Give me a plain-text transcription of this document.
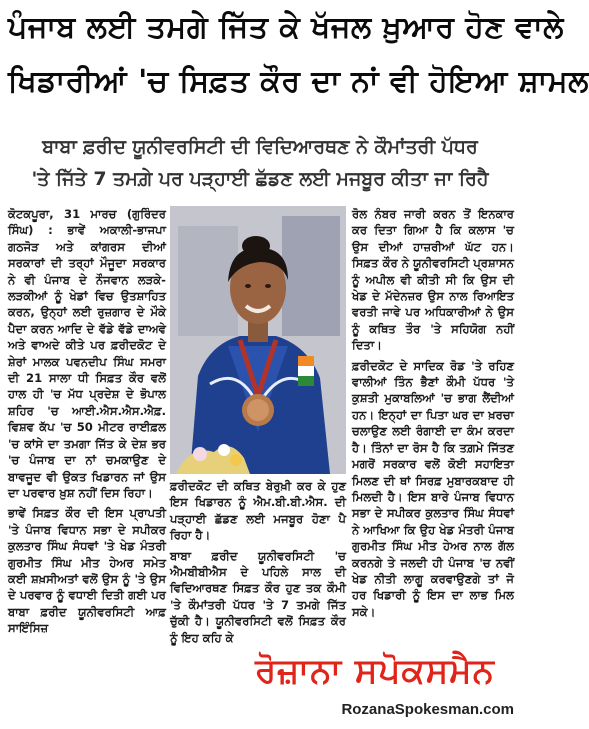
ਪੰਜਾਬ ਲਈ ਤਮਗੇ ਜਿੱਤ ਕੇ ਖੱਜਲ ਖ਼ੁਆਰ ਹੋਣ ਵਾਲੇ
ਖਿਡਾਰੀਆਂ 'ਚ ਸਿਫ਼ਤ ਕੌਰ ਦਾ ਨਾਂ ਵੀ ਹੋਇਆ ਸ਼ਾਮਲ
ਬਾਬਾ ਫ਼ਰੀਦ ਯੂਨੀਵਰਸਿਟੀ ਦੀ ਵਿਦਿਆਰਥਣ ਨੇ ਕੌਮਾਂਤਰੀ ਪੱਧਰ
'ਤੇ ਜਿੱਤੇ 7 ਤਮਗ਼ੇ ਪਰ ਪੜ੍ਹਾਈ ਛੱਡਣ ਲਈ ਮਜਬੂਰ ਕੀਤਾ ਜਾ ਰਿਹੈ

ਕੋਟਕਪੂਰਾ, 31 ਮਾਰਚ (ਗੁਰਿੰਦਰ ਸਿੰਘ) : ਭਾਵੇਂ ਅਕਾਲੀ-ਭਾਜਪਾ ਗਠਜੋੜ ਅਤੇ ਕਾਂਗਰਸ ਦੀਆਂ ਸਰਕਾਰਾਂ ਦੀ ਤਰ੍ਹਾਂ ਮੌਜੂਦਾ ਸਰਕਾਰ ਨੇ ਵੀ ਪੰਜਾਬ ਦੇ ਨੌਜਵਾਨ ਲੜਕੇ-ਲੜਕੀਆਂ ਨੂੰ ਖੇਡਾਂ ਵਿਚ ਉਤਸ਼ਾਹਿਤ ਕਰਨ, ਉਨ੍ਹਾਂ ਲਈ ਰੁਜ਼ਗਾਰ ਦੇ ਮੌਕੇ ਪੈਦਾ ਕਰਨ ਆਦਿ ਦੇ ਵੱਡੇ ਵੱਡੇ ਦਾਅਵੇ ਅਤੇ ਵਾਅਦੇ ਕੀਤੇ ਪਰ ਫ਼ਰੀਦਕੋਟ ਦੇ ਸ਼ੇਰਾਂ ਮਾਲਕ ਪਵਨਦੀਪ ਸਿੰਘ ਸਮਰਾ ਦੀ 21 ਸਾਲਾ ਧੀ ਸਿਫ਼ਤ ਕੌਰ ਵਲੋਂ ਹਾਲ ਹੀ 'ਚ ਮੱਧ ਪ੍ਰਦੇਸ਼ ਦੇ ਭੋਪਾਲ ਸ਼ਹਿਰ 'ਚ ਆਈ.ਐਸ.ਐਸ.ਐਫ਼. ਵਿਸ਼ਵ ਕੱਪ 'ਚ 50 ਮੀਟਰ ਰਾਈਫ਼ਲ 'ਚ ਕਾਂਸੇ ਦਾ ਤਮਗਾ ਜਿੱਤ ਕੇ ਦੇਸ਼ ਭਰ 'ਚ ਪੰਜਾਬ ਦਾ ਨਾਂ ਚਮਕਾਉਣ ਦੇ ਬਾਵਜੂਦ ਵੀ ਉਕਤ ਖਿਡਾਰਨ ਜਾਂ ਉਸ ਦਾ ਪਰਵਾਰ ਖ਼ੁਸ਼ ਨਹੀਂ ਦਿਸ ਰਿਹਾ।

ਭਾਵੇਂ ਸਿਫ਼ਤ ਕੌਰ ਦੀ ਇਸ ਪ੍ਰਾਪਤੀ 'ਤੇ ਪੰਜਾਬ ਵਿਧਾਨ ਸਭਾ ਦੇ ਸਪੀਕਰ ਕੁਲਤਾਰ ਸਿੰਘ ਸੰਧਵਾਂ 'ਤੇ ਖੇਡ ਮੰਤਰੀ ਗੁਰਮੀਤ ਸਿੰਘ ਮੀਤ ਹੇਅਰ ਸਮੇਤ ਕਈ ਸ਼ਖ਼ਸੀਅਤਾਂ ਵਲੋਂ ਉਸ ਨੂੰ 'ਤੇ ਉਸ ਦੇ ਪਰਵਾਰ ਨੂੰ ਵਧਾਈ ਦਿਤੀ ਗਈ ਪਰ ਬਾਬਾ ਫ਼ਰੀਦ ਯੂਨੀਵਰਸਿਟੀ ਆਫ਼ ਸਾਇੰਸਿਜ਼

ਫ਼ਰੀਦਕੋਟ ਦੀ ਕਥਿਤ ਬੇਰੁਖ਼ੀ ਕਰ ਕੇ ਹੁਣ ਇਸ ਖਿਡਾਰਨ ਨੂੰ ਐਮ.ਬੀ.ਬੀ.ਐਸ. ਦੀ ਪੜ੍ਹਾਈ ਛੱਡਣ ਲਈ ਮਜਬੂਰ ਹੋਣਾ ਪੈ ਰਿਹਾ ਹੈ।

ਬਾਬਾ ਫ਼ਰੀਦ ਯੂਨੀਵਰਸਿਟੀ 'ਚ ਐਮਬੀਬੀਐਸ ਦੇ ਪਹਿਲੇ ਸਾਲ ਦੀ ਵਿਦਿਆਰਥਣ ਸਿਫ਼ਤ ਕੌਰ ਹੁਣ ਤਕ ਕੌਮੀ 'ਤੇ ਕੌਮਾਂਤਰੀ ਪੱਧਰ 'ਤੇ 7 ਤਮਗੇ ਜਿੱਤ ਚੁੱਕੀ ਹੈ। ਯੂਨੀਵਰਸਿਟੀ ਵਲੋਂ ਸਿਫ਼ਤ ਕੌਰ ਨੂੰ ਇਹ ਕਹਿ ਕੇ

ਰੋਲ ਨੰਬਰ ਜਾਰੀ ਕਰਨ ਤੋਂ ਇਨਕਾਰ ਕਰ ਦਿਤਾ ਗਿਆ ਹੈ ਕਿ ਕਲਾਸ 'ਚ ਉਸ ਦੀਆਂ ਹਾਜ਼ਰੀਆਂ ਘੱਟ ਹਨ। ਸਿਫ਼ਤ ਕੌਰ ਨੇ ਯੂਨੀਵਰਸਿਟੀ ਪ੍ਰਸ਼ਾਸਨ ਨੂੰ ਅਪੀਲ ਵੀ ਕੀਤੀ ਸੀ ਕਿ ਉਸ ਦੀ ਖੇਡ ਦੇ ਮੱਦੇਨਜ਼ਰ ਉਸ ਨਾਲ ਰਿਆਇਤ ਵਰਤੀ ਜਾਵੇ ਪਰ ਅਧਿਕਾਰੀਆਂ ਨੇ ਉਸ ਨੂੰ ਕਥਿਤ ਤੌਰ 'ਤੇ ਸਹਿਯੋਗ ਨਹੀਂ ਦਿਤਾ।

ਫ਼ਰੀਦਕੋਟ ਦੇ ਸਾਦਿਕ ਰੋਡ 'ਤੇ ਰਹਿਣ ਵਾਲੀਆਂ ਤਿੰਨ ਭੈਣਾਂ ਕੌਮੀ ਪੱਧਰ 'ਤੇ ਕੁਸ਼ਤੀ ਮੁਕਾਬਲਿਆਂ 'ਚ ਭਾਗ ਲੈਂਦੀਆਂ ਹਨ। ਇਨ੍ਹਾਂ ਦਾ ਪਿਤਾ ਘਰ ਦਾ ਖ਼ਰਚਾ ਚਲਾਉਣ ਲਈ ਰੰਗਾਈ ਦਾ ਕੰਮ ਕਰਦਾ ਹੈ। ਤਿੰਨਾਂ ਦਾ ਰੋਸ ਹੈ ਕਿ ਤਗ਼ਮੇ ਜਿੱਤਣ ਮਗਰੋਂ ਸਰਕਾਰ ਵਲੋਂ ਕੋਈ ਸਹਾਇਤਾ ਮਿਲਣ ਦੀ ਥਾਂ ਸਿਰਫ਼ ਮੁਬਾਰਕਬਾਦ ਹੀ ਮਿਲਦੀ ਹੈ। ਇਸ ਬਾਰੇ ਪੰਜਾਬ ਵਿਧਾਨ ਸਭਾ ਦੇ ਸਪੀਕਰ ਕੁਲਤਾਰ ਸਿੰਘ ਸੰਧਵਾਂ ਨੇ ਆਖਿਆ ਕਿ ਉਹ ਖੇਡ ਮੰਤਰੀ ਪੰਜਾਬ ਗੁਰਮੀਤ ਸਿੰਘ ਮੀਤ ਹੇਅਰ ਨਾਲ ਗੱਲ ਕਰਨਗੇ ਤੇ ਜਲਦੀ ਹੀ ਪੰਜਾਬ 'ਚ ਨਵੀਂ ਖੇਡ ਨੀਤੀ ਲਾਗੂ ਕਰਵਾਉਣਗੇ ਤਾਂ ਜੋ ਹਰ ਖਿਡਾਰੀ ਨੂੰ ਇਸ ਦਾ ਲਾਭ ਮਿਲ ਸਕੇ।

ਰੋਜ਼ਾਨਾ ਸਪੋਕਸਮੈਨ
RozanaSpokesman.com
